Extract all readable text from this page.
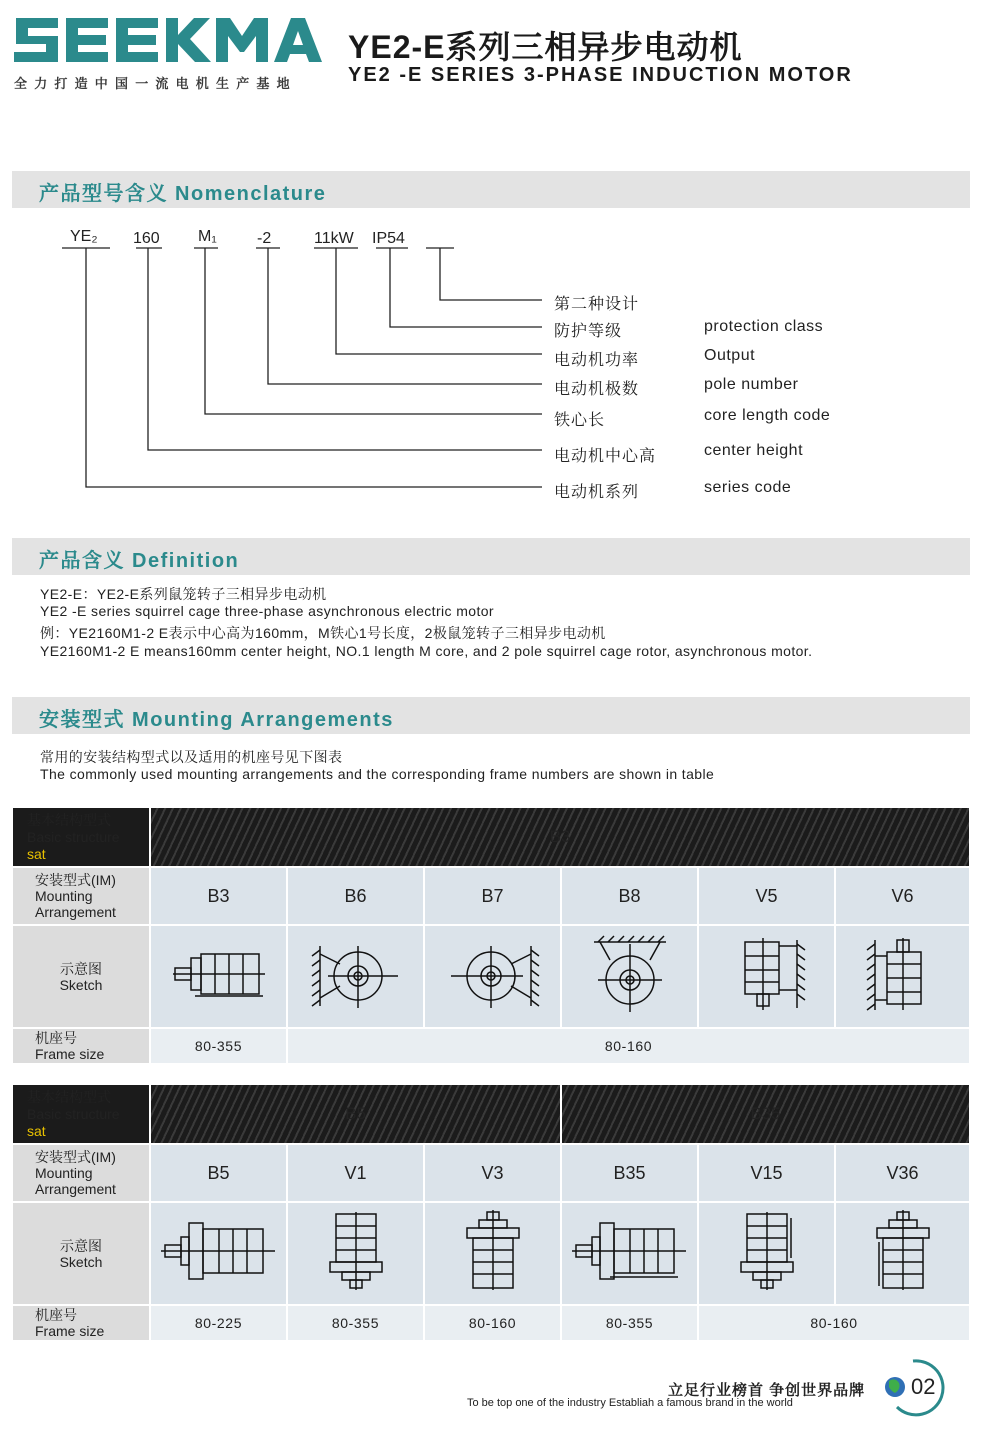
全力打造中国一流电机生产基地
YE2-E系列三相异步电动机
YE2 -E SERIES 3-PHASE INDUCTION MOTOR
产品型号含义 Nomenclature
YE₂ 160 M₁	-2	11kW IP54
第二种设计
防护等级
电动机功率
电动机极数
铁心长
电动机中心高
电动机系列
protection class
Output
pole number
core length code
center height
series code
产品含义 Definition
YE2-E：YE2-E系列鼠笼转子三相异步电动机
YE2 -E series squirrel cage three-phase asynchronous electric motor
例：YE2160M1-2 E表示中心高为160mm，M铁心1号长度，2极鼠笼转子三相异步电动机
YE2160M1-2 E means160mm center height, NO.1 length M core, and 2 pole squirrel cage rotor, asynchronous motor.
安装型式 Mounting Arrangements
常用的安装结构型式以及适用的机座号见下图表
The commonly used mounting arrangements and the corresponding frame numbers are shown in table
基本结构型式
Basic structure
sat	B3					

安装型式(IM)
Mounting
Arrangement	B3	B6	B7	B8	V5	V6

示意图
Sketch

机座号
Frame size	80-355	80-160				
基本结构型式
Basic structure
sat	B5			B35		

安装型式(IM)
Mounting
Arrangement	B5	V1	V3	B35	V15	V36

示意图
Sketch

机座号
Frame size	80-225	80-355	80-160	80-355	80-160	
立足行业榜首 争创世界品牌
To be top one of the industry Establiah a famous brand in the world
02
